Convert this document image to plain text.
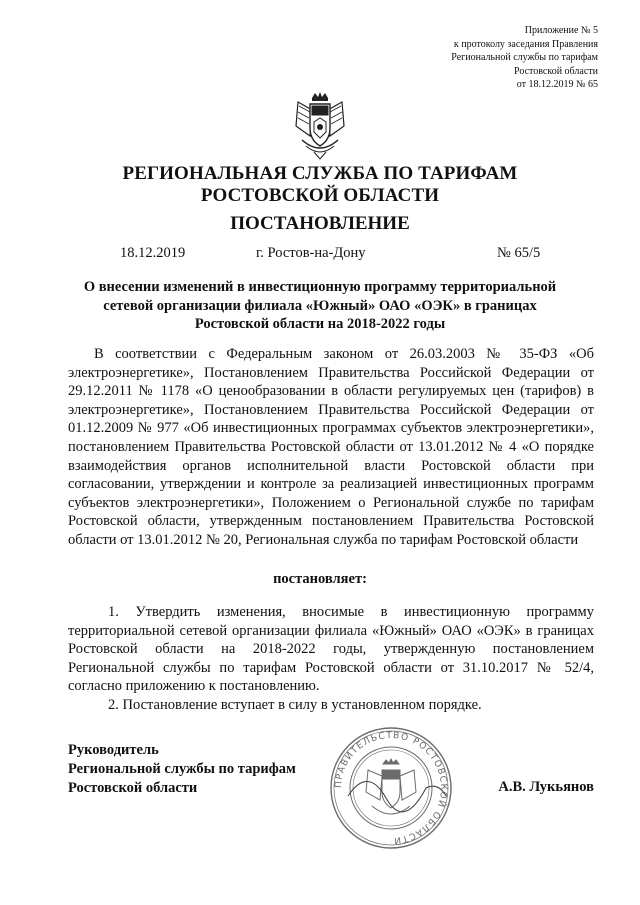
Приложение № 5
к протоколу заседания Правления
Региональной службы по тарифам
Ростовской области
от 18.12.2019 № 65
РЕГИОНАЛЬНАЯ СЛУЖБА ПО ТАРИФАМ
РОСТОВСКОЙ ОБЛАСТИ
ПОСТАНОВЛЕНИЕ
18.12.2019	г. Ростов-на-Дону	№ 65/5
О внесении изменений в инвестиционную программу территориальной
сетевой организации филиала «Южный» ОАО «ОЭК» в границах
Ростовской области на 2018-2022 годы
В соответствии с Федеральным законом от 26.03.2003 № 35-ФЗ «Об электроэнергетике», Постановлением Правительства Российской Федерации от 29.12.2011 № 1178 «О ценообразовании в области регулируемых цен (тарифов) в электроэнергетике», Постановлением Правительства Российской Федерации от 01.12.2009 № 977 «Об инвестиционных программах субъектов электроэнергетики», постановлением Правительства Ростовской области от 13.01.2012 № 4 «О порядке взаимодействия органов исполнительной власти Ростовской области при согласовании, утверждении и контроле за реализацией инвестиционных программ субъектов электроэнергетики», Положением о Региональной службе по тарифам Ростовской области, утвержденным постановлением Правительства Ростовской области от 13.01.2012 № 20, Региональная служба по тарифам Ростовской области
постановляет:
1. Утвердить изменения, вносимые в инвестиционную программу территориальной сетевой организации филиала «Южный» ОАО «ОЭК» в границах Ростовской области на 2018-2022 годы, утвержденную постановлением Региональной службы по тарифам Ростовской области от 31.10.2017 № 52/4, согласно приложению к постановлению.
2. Постановление вступает в силу в установленном порядке.
ПРАВИТЕЛЬСТВО РОСТОВСКОЙ ОБЛАСТИ
Руководитель
Региональной службы по тарифам
Ростовской области	А.В. Лукьянов
